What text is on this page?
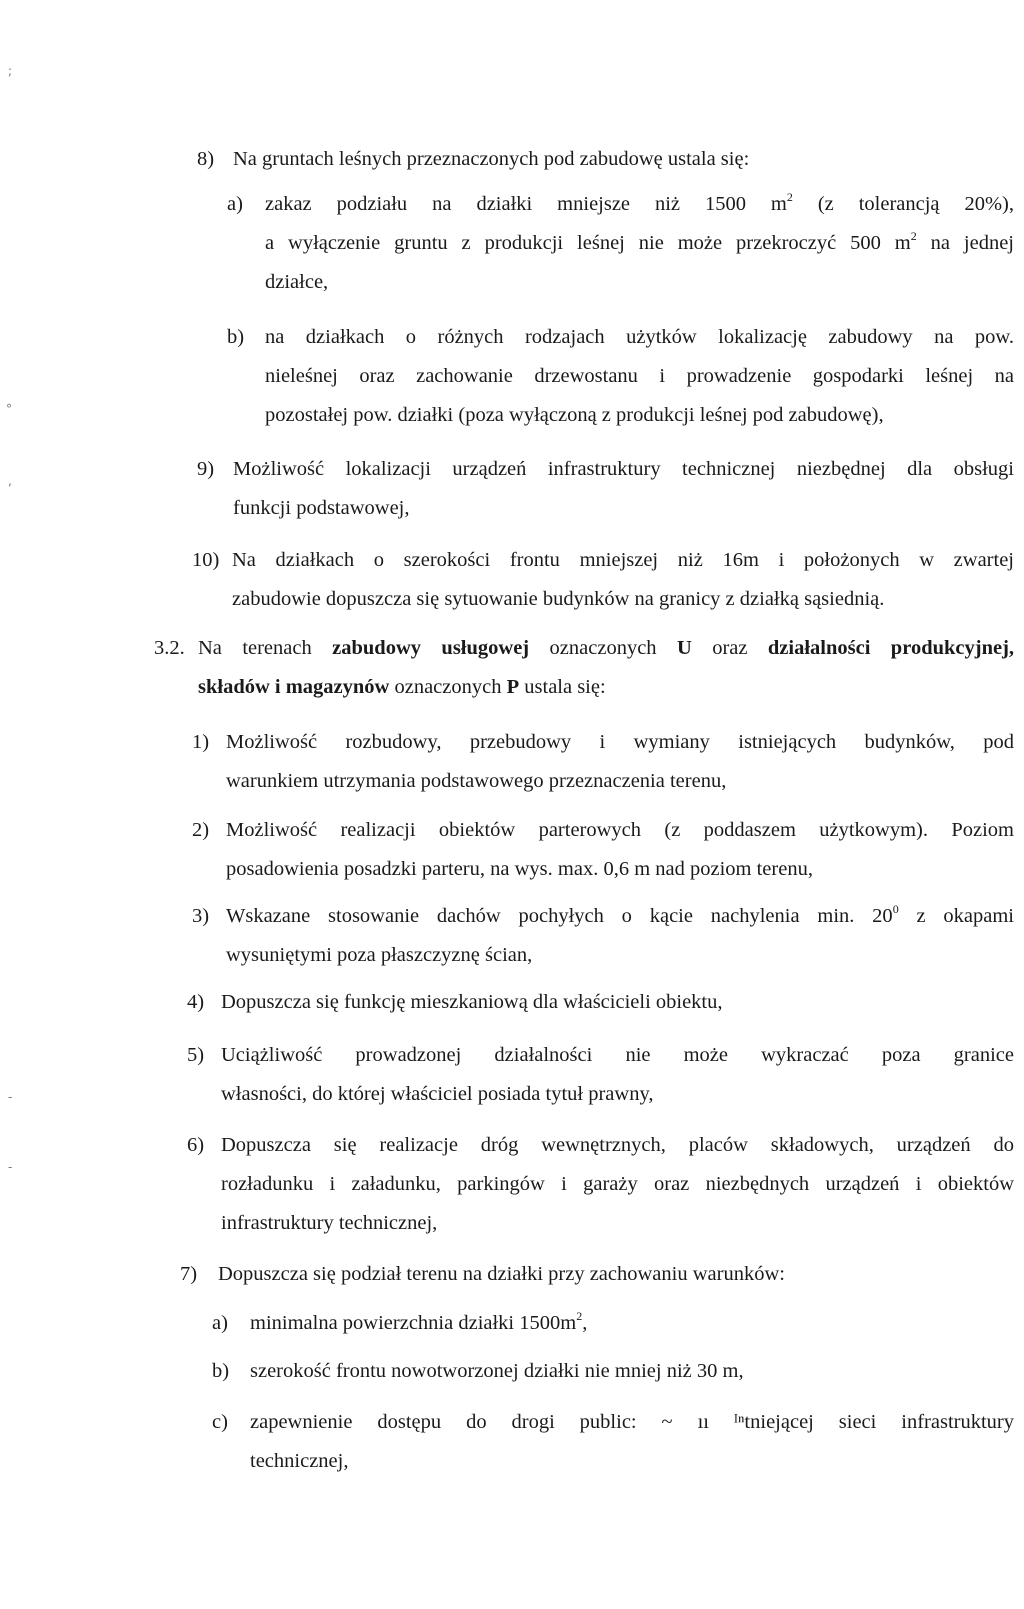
8) Na gruntach leśnych przeznaczonych pod zabudowę ustala się:
a) zakaz podziału na działki mniejsze niż 1500 $m^2$ (z tolerancją 20%),
a wyłączenie gruntu z produkcji leśnej nie może przekroczyć 500 $m^2$ na jednej
działce,
b) na działkach o różnych rodzajach użytków lokalizację zabudowy na pow.
nieleśnej oraz zachowanie drzewostanu i prowadzenie gospodarki leśnej na
pozostałej pow. działki (poza wyłączoną z produkcji leśnej pod zabudowę),
9) Możliwość lokalizacji urządzeń infrastruktury technicznej niezbędnej dla obsługi
funkcji podstawowej,
10) Na działkach o szerokości frontu mniejszej niż 16m i położonych w zwartej
zabudowie dopuszcza się sytuowanie budynków na granicy z działką sąsiednią.
3.2. Na terenach zabudowy usługowej oznaczonych U oraz działalności produkcyjnej,
składów i magazynów oznaczonych P ustala się:
1) Możliwość rozbudowy, przebudowy i wymiany istniejących budynków, pod
warunkiem utrzymania podstawowego przeznaczenia terenu,
2) Możliwość realizacji obiektów parterowych (z poddaszem użytkowym). Poziom
posadowienia posadzki parteru, na wys. max. 0,6 m nad poziom terenu,
3) Wskazane stosowanie dachów pochyłych o kącie nachylenia min. $20^0$ z okapami
wysuniętymi poza płaszczyznę ścian,
4) Dopuszcza się funkcję mieszkaniową dla właścicieli obiektu,
5) Uciążliwość prowadzonej działalności nie może wykraczać poza granice
własności, do której właściciel posiada tytuł prawny,
6) Dopuszcza się realizacje dróg wewnętrznych, placów składowych, urządzeń do
rozładunku i załadunku, parkingów i garaży oraz niezbędnych urządzeń i obiektów
infrastruktury technicznej,
7) Dopuszcza się podział terenu na działki przy zachowaniu warunków:
a) minimalna powierzchnia działki $1500m^2$,
b) szerokość frontu nowotworzonej działki nie mniej niż 30 m,
c) zapewnienie dostępu do drogi public: ~ ıı ᴵⁿtniejącej sieci infrastruktury
technicznej,
;
°
,
-
-
